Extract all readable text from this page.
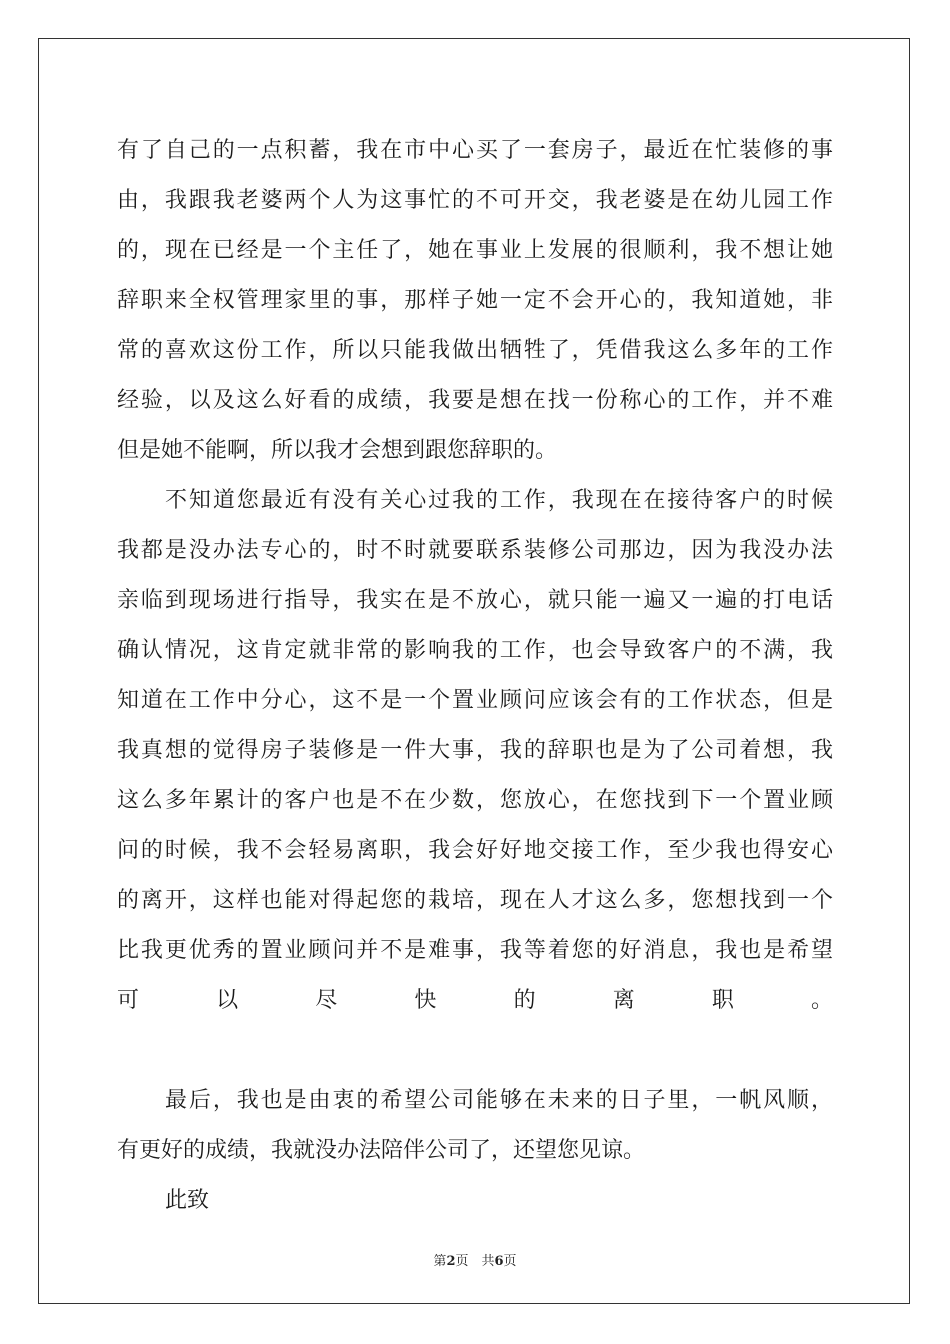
有了自己的一点积蓄，我在市中心买了一套房子，最近在忙装修的事
由，我跟我老婆两个人为这事忙的不可开交，我老婆是在幼儿园工作
的，现在已经是一个主任了，她在事业上发展的很顺利，我不想让她
辞职来全权管理家里的事，那样子她一定不会开心的，我知道她，非
常的喜欢这份工作，所以只能我做出牺牲了，凭借我这么多年的工作
经验，以及这么好看的成绩，我要是想在找一份称心的工作，并不难
但是她不能啊，所以我才会想到跟您辞职的。
不知道您最近有没有关心过我的工作，我现在在接待客户的时候
我都是没办法专心的，时不时就要联系装修公司那边，因为我没办法
亲临到现场进行指导，我实在是不放心，就只能一遍又一遍的打电话
确认情况，这肯定就非常的影响我的工作，也会导致客户的不满，我
知道在工作中分心，这不是一个置业顾问应该会有的工作状态，但是
我真想的觉得房子装修是一件大事，我的辞职也是为了公司着想，我
这么多年累计的客户也是不在少数，您放心，在您找到下一个置业顾
问的时候，我不会轻易离职，我会好好地交接工作，至少我也得安心
的离开，这样也能对得起您的栽培，现在人才这么多，您想找到一个
比我更优秀的置业顾问并不是难事，我等着您的好消息，我也是希望
可以尽快的离职。
最后，我也是由衷的希望公司能够在未来的日子里，一帆风顺，
有更好的成绩，我就没办法陪伴公司了，还望您见谅。
此致
第2页　共6页
